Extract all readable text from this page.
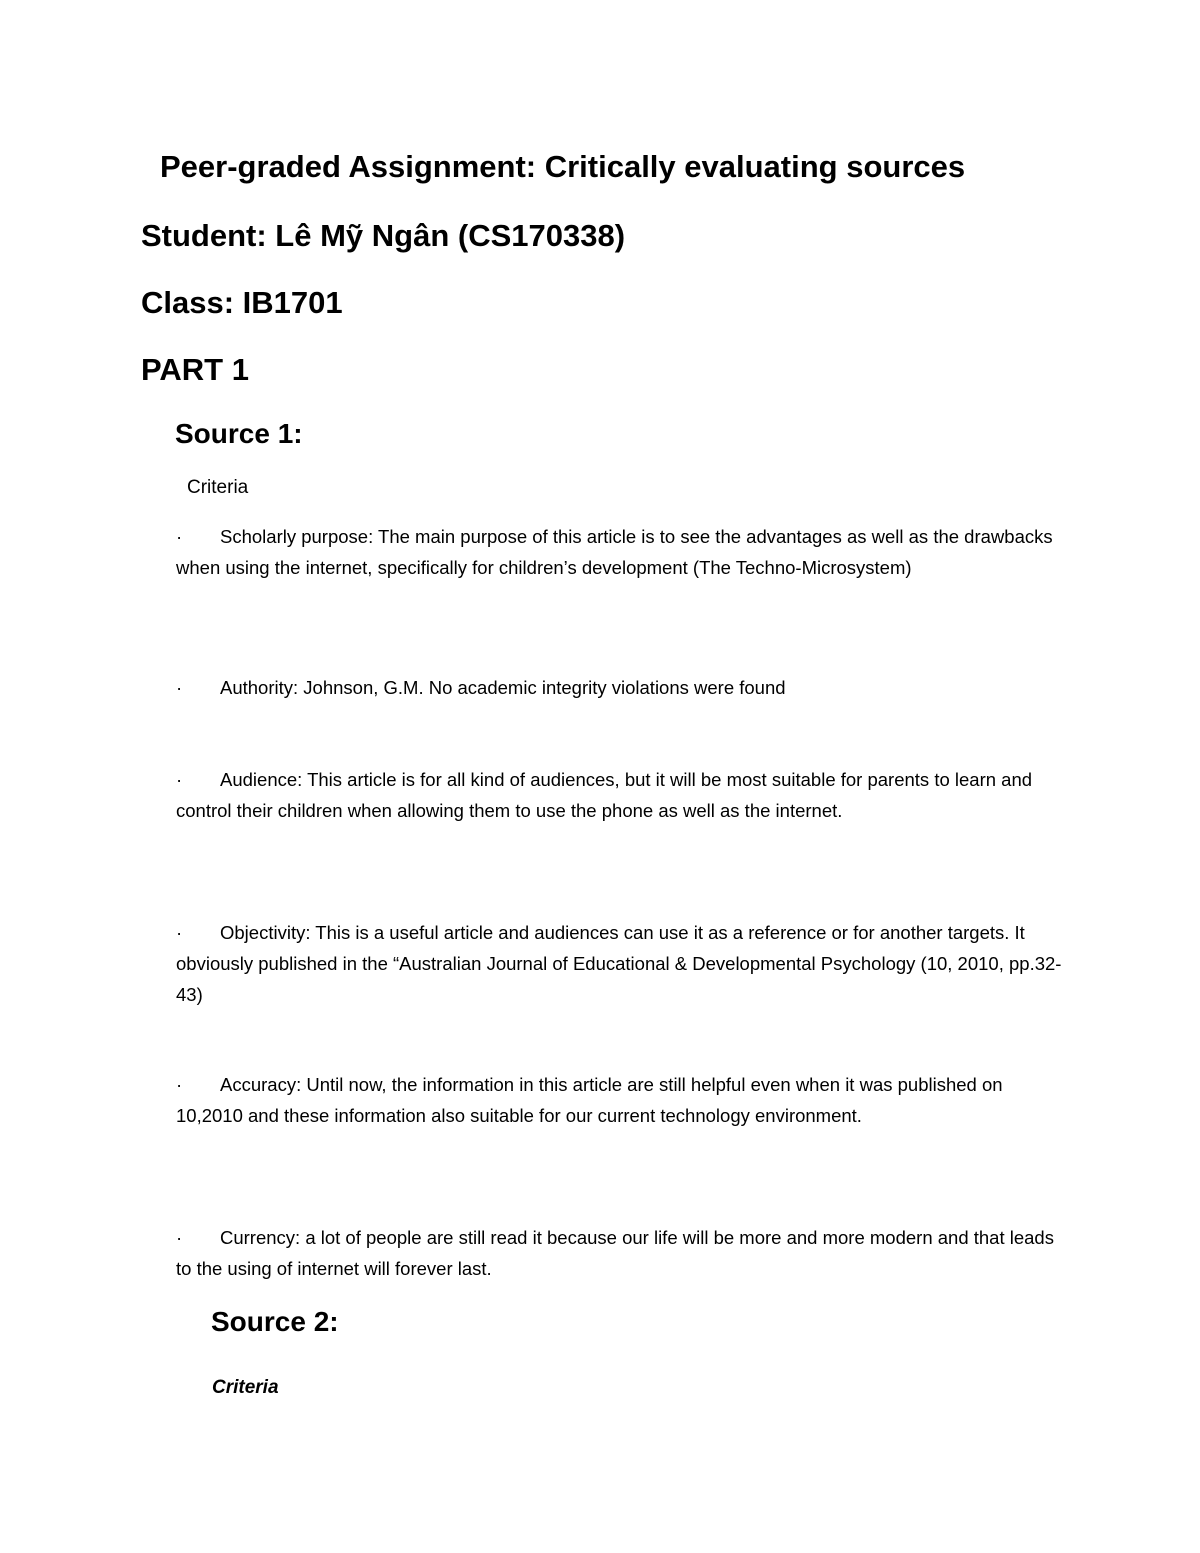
Peer-graded Assignment: Critically evaluating sources
Student: Lê Mỹ Ngân (CS170338)
Class: IB1701
PART 1
Source 1:
Criteria
· Scholarly purpose: The main purpose of this article is to see the advantages as well as the drawbacks when using the internet, specifically for children’s development (The Techno-Microsystem)
· Authority: Johnson, G.M. No academic integrity violations were found
· Audience: This article is for all kind of audiences, but it will be most suitable for parents to learn and control their children when allowing them to use the phone as well as the internet.
· Objectivity: This is a useful article and audiences can use it as a reference or for another targets. It obviously published in the “Australian Journal of Educational & Developmental Psychology (10, 2010, pp.32-43)
· Accuracy: Until now, the information in this article are still helpful even when it was published on 10,2010 and these information also suitable for our current technology environment.
· Currency: a lot of people are still read it because our life will be more and more modern and that leads to the using of internet will forever last.
Source 2:
Criteria
